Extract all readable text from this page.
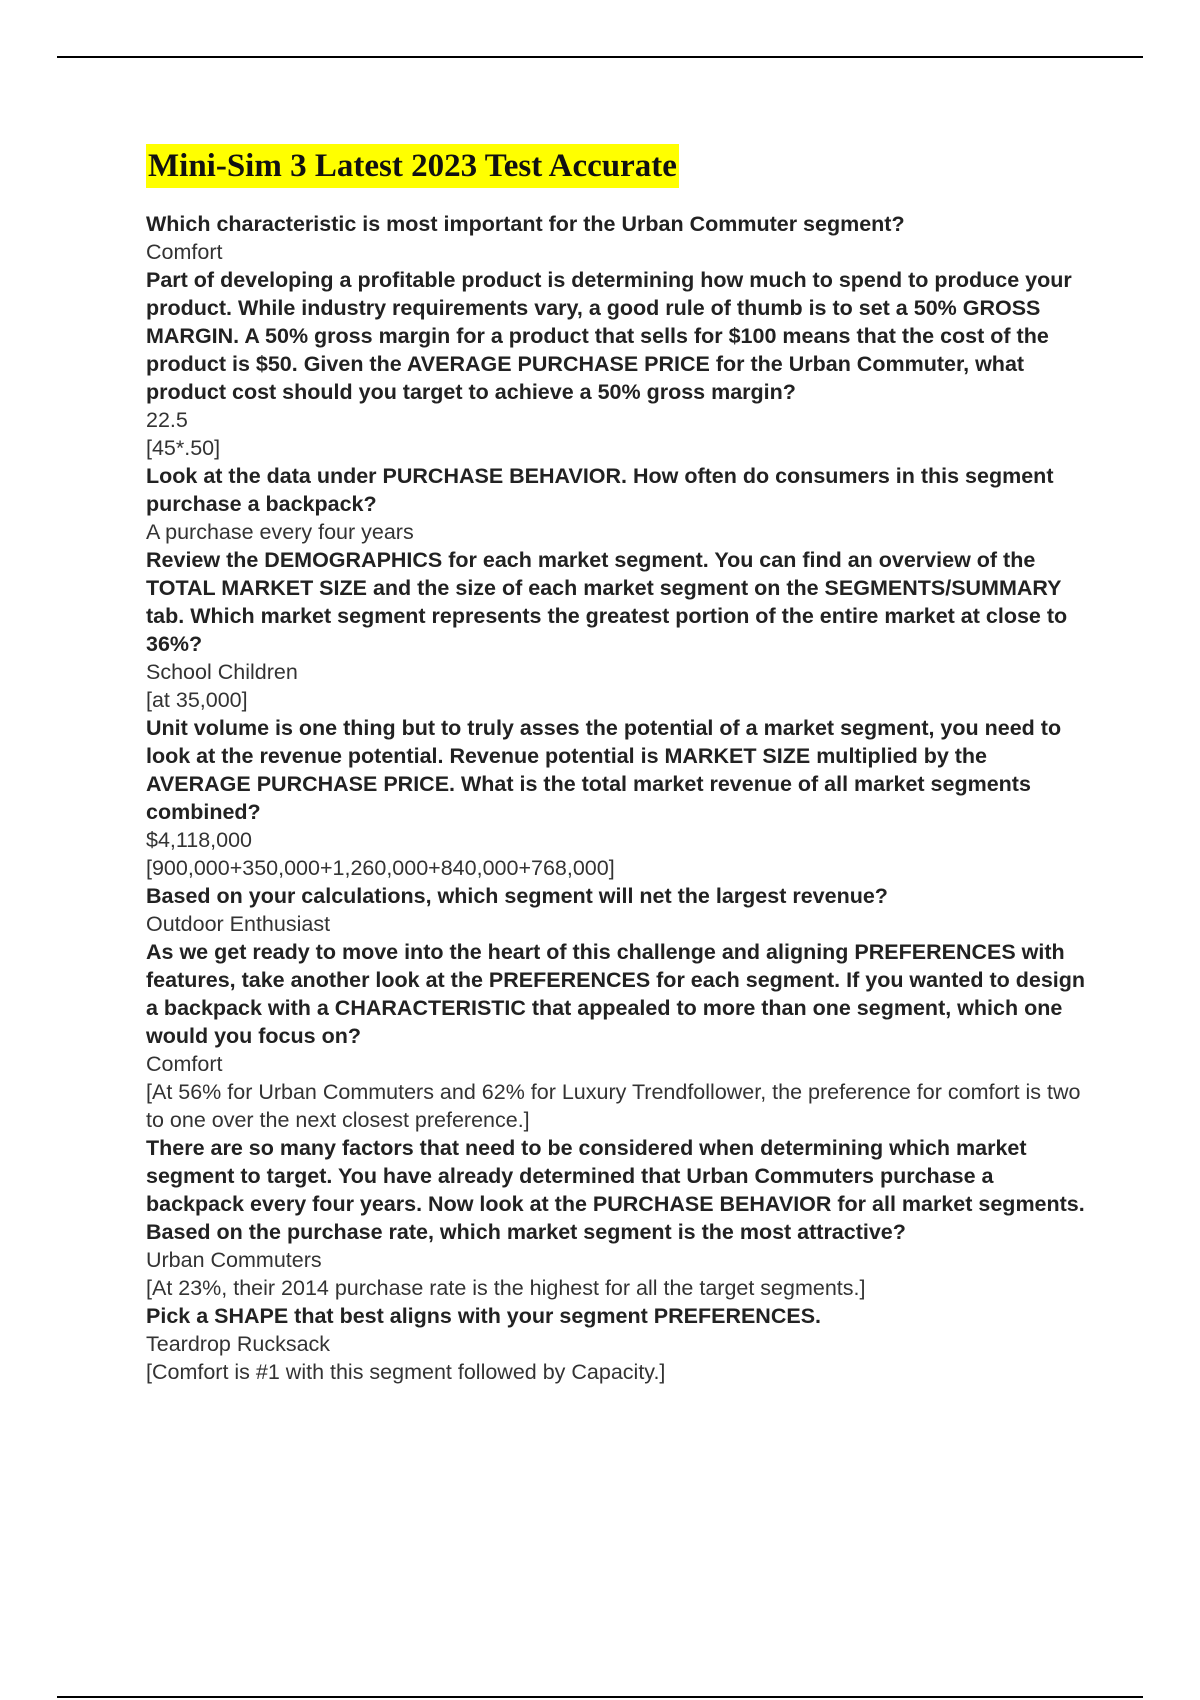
Mini-Sim 3 Latest 2023 Test Accurate
Which characteristic is most important for the Urban Commuter segment?
Comfort
Part of developing a profitable product is determining how much to spend to produce your product. While industry requirements vary, a good rule of thumb is to set a 50% GROSS MARGIN. A 50% gross margin for a product that sells for $100 means that the cost of the product is $50. Given the AVERAGE PURCHASE PRICE for the Urban Commuter, what product cost should you target to achieve a 50% gross margin?
22.5
[45*.50]
Look at the data under PURCHASE BEHAVIOR. How often do consumers in this segment purchase a backpack?
A purchase every four years
Review the DEMOGRAPHICS for each market segment. You can find an overview of the TOTAL MARKET SIZE and the size of each market segment on the SEGMENTS/SUMMARY tab. Which market segment represents the greatest portion of the entire market at close to 36%?
School Children
[at 35,000]
Unit volume is one thing but to truly asses the potential of a market segment, you need to look at the revenue potential. Revenue potential is MARKET SIZE multiplied by the AVERAGE PURCHASE PRICE. What is the total market revenue of all market segments combined?
$4,118,000
[900,000+350,000+1,260,000+840,000+768,000]
Based on your calculations, which segment will net the largest revenue?
Outdoor Enthusiast
As we get ready to move into the heart of this challenge and aligning PREFERENCES with features, take another look at the PREFERENCES for each segment. If you wanted to design a backpack with a CHARACTERISTIC that appealed to more than one segment, which one would you focus on?
Comfort
[At 56% for Urban Commuters and 62% for Luxury Trendfollower, the preference for comfort is two to one over the next closest preference.]
There are so many factors that need to be considered when determining which market segment to target. You have already determined that Urban Commuters purchase a backpack every four years. Now look at the PURCHASE BEHAVIOR for all market segments. Based on the purchase rate, which market segment is the most attractive?
Urban Commuters
[At 23%, their 2014 purchase rate is the highest for all the target segments.]
Pick a SHAPE that best aligns with your segment PREFERENCES.
Teardrop Rucksack
[Comfort is #1 with this segment followed by Capacity.]
